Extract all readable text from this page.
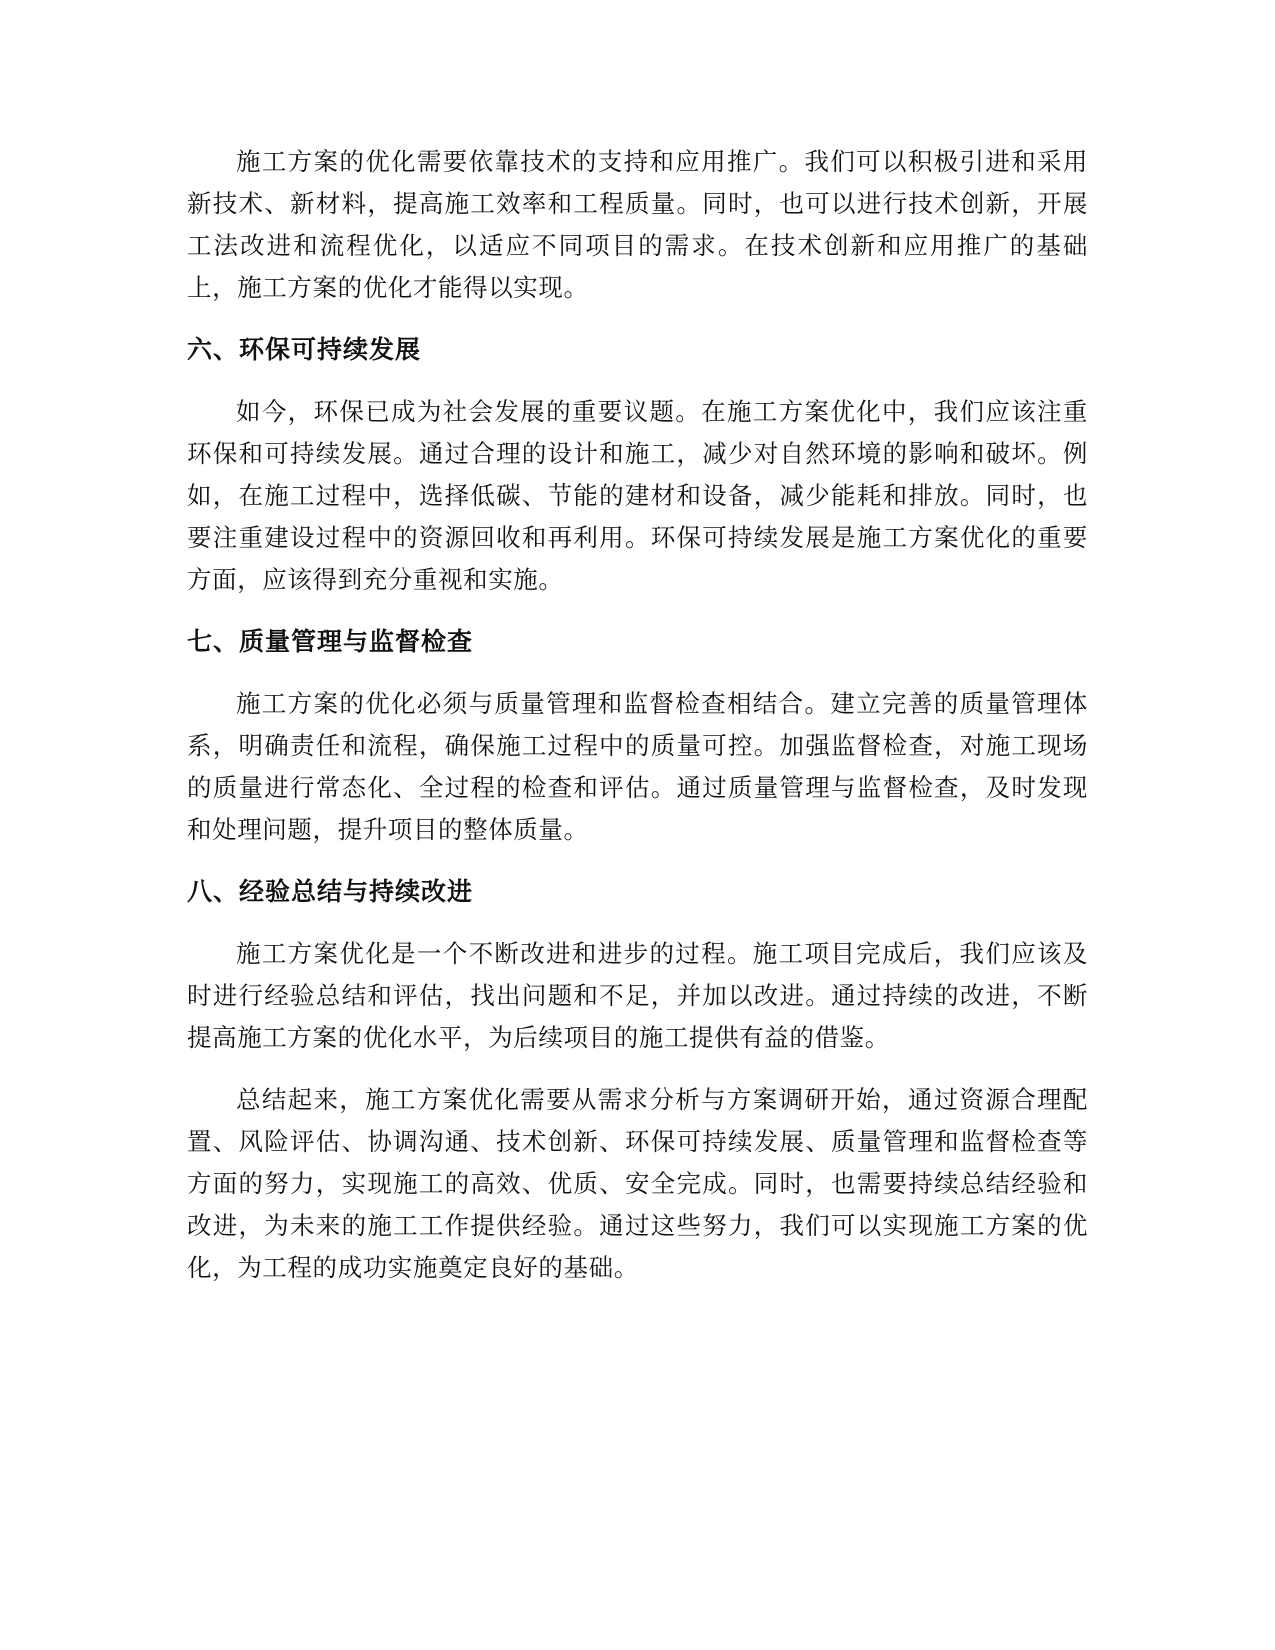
施工方案的优化需要依靠技术的支持和应用推广。我们可以积极引进和采用新技术、新材料，提高施工效率和工程质量。同时，也可以进行技术创新，开展工法改进和流程优化，以适应不同项目的需求。在技术创新和应用推广的基础上，施工方案的优化才能得以实现。

六、环保可持续发展

如今，环保已成为社会发展的重要议题。在施工方案优化中，我们应该注重环保和可持续发展。通过合理的设计和施工，减少对自然环境的影响和破坏。例如，在施工过程中，选择低碳、节能的建材和设备，减少能耗和排放。同时，也要注重建设过程中的资源回收和再利用。环保可持续发展是施工方案优化的重要方面，应该得到充分重视和实施。

七、质量管理与监督检查

施工方案的优化必须与质量管理和监督检查相结合。建立完善的质量管理体系，明确责任和流程，确保施工过程中的质量可控。加强监督检查，对施工现场的质量进行常态化、全过程的检查和评估。通过质量管理与监督检查，及时发现和处理问题，提升项目的整体质量。

八、经验总结与持续改进

施工方案优化是一个不断改进和进步的过程。施工项目完成后，我们应该及时进行经验总结和评估，找出问题和不足，并加以改进。通过持续的改进，不断提高施工方案的优化水平，为后续项目的施工提供有益的借鉴。

总结起来，施工方案优化需要从需求分析与方案调研开始，通过资源合理配置、风险评估、协调沟通、技术创新、环保可持续发展、质量管理和监督检查等方面的努力，实现施工的高效、优质、安全完成。同时，也需要持续总结经验和改进，为未来的施工工作提供经验。通过这些努力，我们可以实现施工方案的优化，为工程的成功实施奠定良好的基础。
